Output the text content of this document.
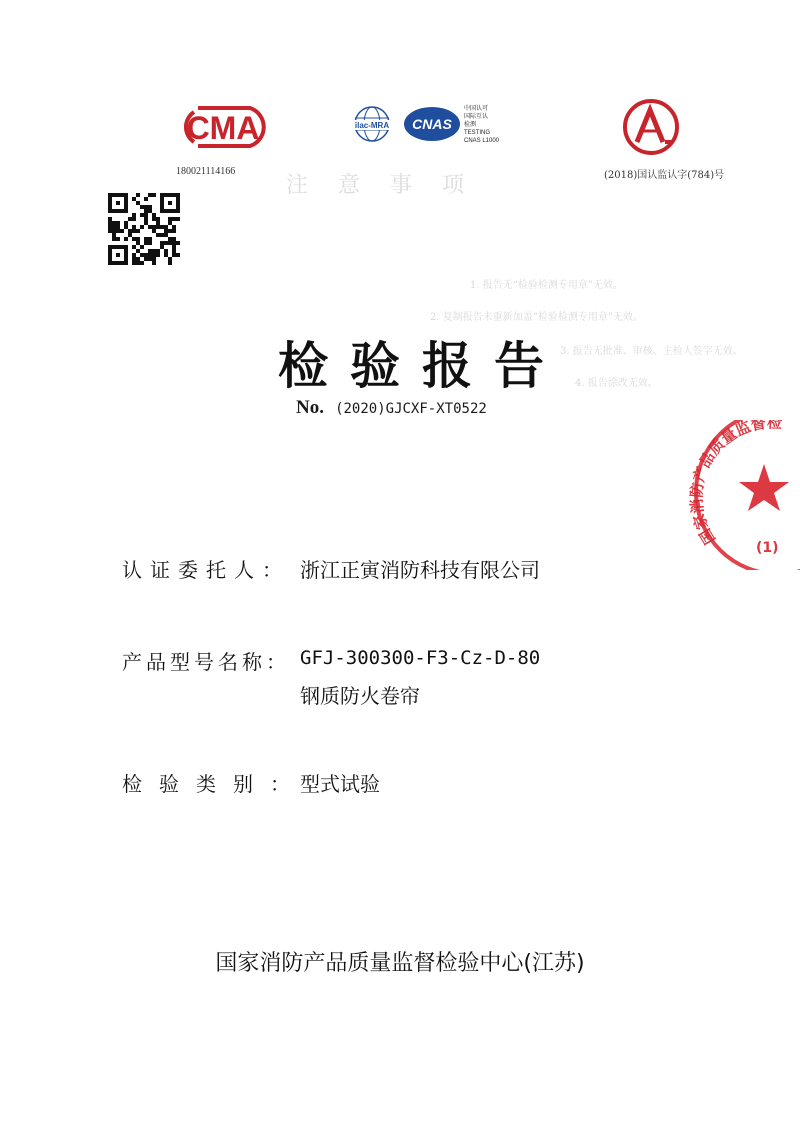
CMA
180021114166
ilac-MRA CNAS
中国认可
国际互认
检测
TESTING
CNAS L1000
(2018)国认监认字(784)号
注意事项
1. 报告无“检验检测专用章”无效。
2. 复制报告未重新加盖“检验检测专用章”无效。
3. 报告无批准、审核、主检人签字无效。
4. 报告涂改无效。
检验报告
No. (2020)GJCXF-XT0522
国家消防产品质量监督检
(1)
认证委托人： 浙江正寅消防科技有限公司
产品型号名称： GFJ-300300-F3-Cz-D-80
钢质防火卷帘
检验类别：
型式试验
国家消防产品质量监督检验中心(江苏)
